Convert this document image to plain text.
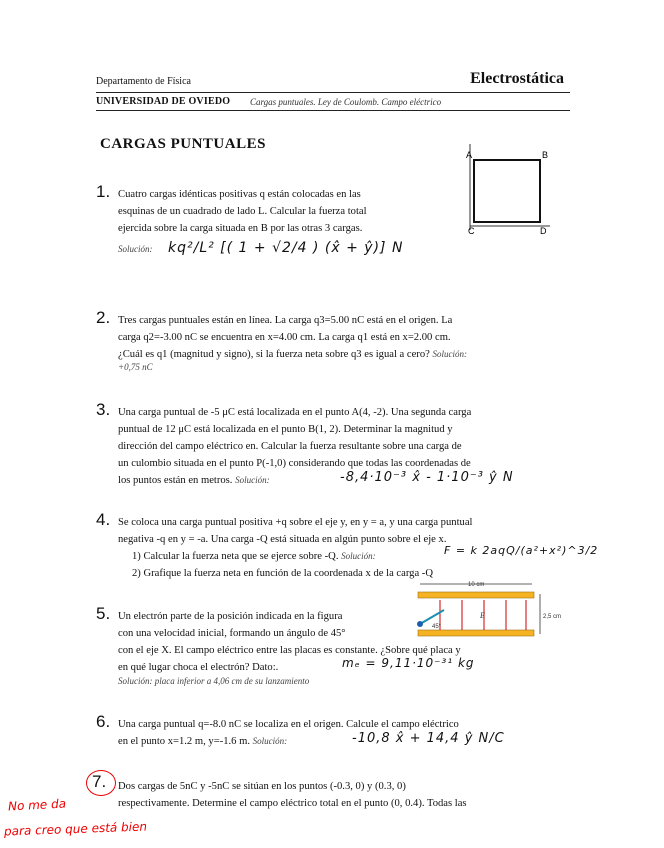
Departamento de Física	Electrostática
UNIVERSIDAD DE OVIEDO Cargas puntuales. Ley de Coulomb. Campo eléctrico
CARGAS PUNTUALES
A	B
C	D
1. Cuatro cargas idénticas positivas q están colocadas en las
esquinas de un cuadrado de lado L. Calcular la fuerza total
ejercida sobre la carga situada en B por las otras 3 cargas.
Solución: kq²/L² [( 1 + √2/4 ) (x̂ + ŷ)] N
2. Tres cargas puntuales están en línea. La carga q3=5.00 nC está en el origen. La
carga q2=-3.00 nC se encuentra en x=4.00 cm. La carga q1 está en x=2.00 cm.
¿Cuál es q1 (magnitud y signo), si la fuerza neta sobre q3 es igual a cero? Solución:
+0,75 nC
3. Una carga puntual de -5 μC está localizada en el punto A(4, -2). Una segunda carga
puntual de 12 μC está localizada en el punto B(1, 2). Determinar la magnitud y
dirección del campo eléctrico en. Calcular la fuerza resultante sobre una carga de
un culombio situada en el punto P(-1,0) considerando que todas las coordenadas de
los puntos están en metros. Solución:	-8,4·10⁻³ x̂ - 1·10⁻³ ŷ N
4. Se coloca una carga puntual positiva +q sobre el eje y, en y = a, y una carga puntual
negativa -q en y = -a. Una carga -Q está situada en algún punto sobre el eje x.
1) Calcular la fuerza neta que se ejerce sobre -Q. Solución:
2) Grafique la fuerza neta en función de la coordenada x de la carga -Q
F = k 2aqQ/(a²+x²)^3/2
10 cm
E
45°
2,5 cm
5. Un electrón parte de la posición indicada en la figura
con una velocidad inicial, formando un ángulo de 45°
con el eje X. El campo eléctrico entre las placas es constante. ¿Sobre qué placa y
en qué lugar choca el electrón? Dato:.	mₑ = 9,11·10⁻³¹ kg
Solución: placa inferior a 4,06 cm de su lanzamiento
6. Una carga puntual q=-8.0 nC se localiza en el origen. Calcule el campo eléctrico
en el punto x=1.2 m, y=-1.6 m. Solución:	-10,8 x̂ + 14,4 ŷ N/C
7. Dos cargas de 5nC y -5nC se sitúan en los puntos (-0.3, 0) y (0.3, 0)
respectivamente. Determine el campo eléctrico total en el punto (0, 0.4). Todas las
No me da
para creo que está bien
